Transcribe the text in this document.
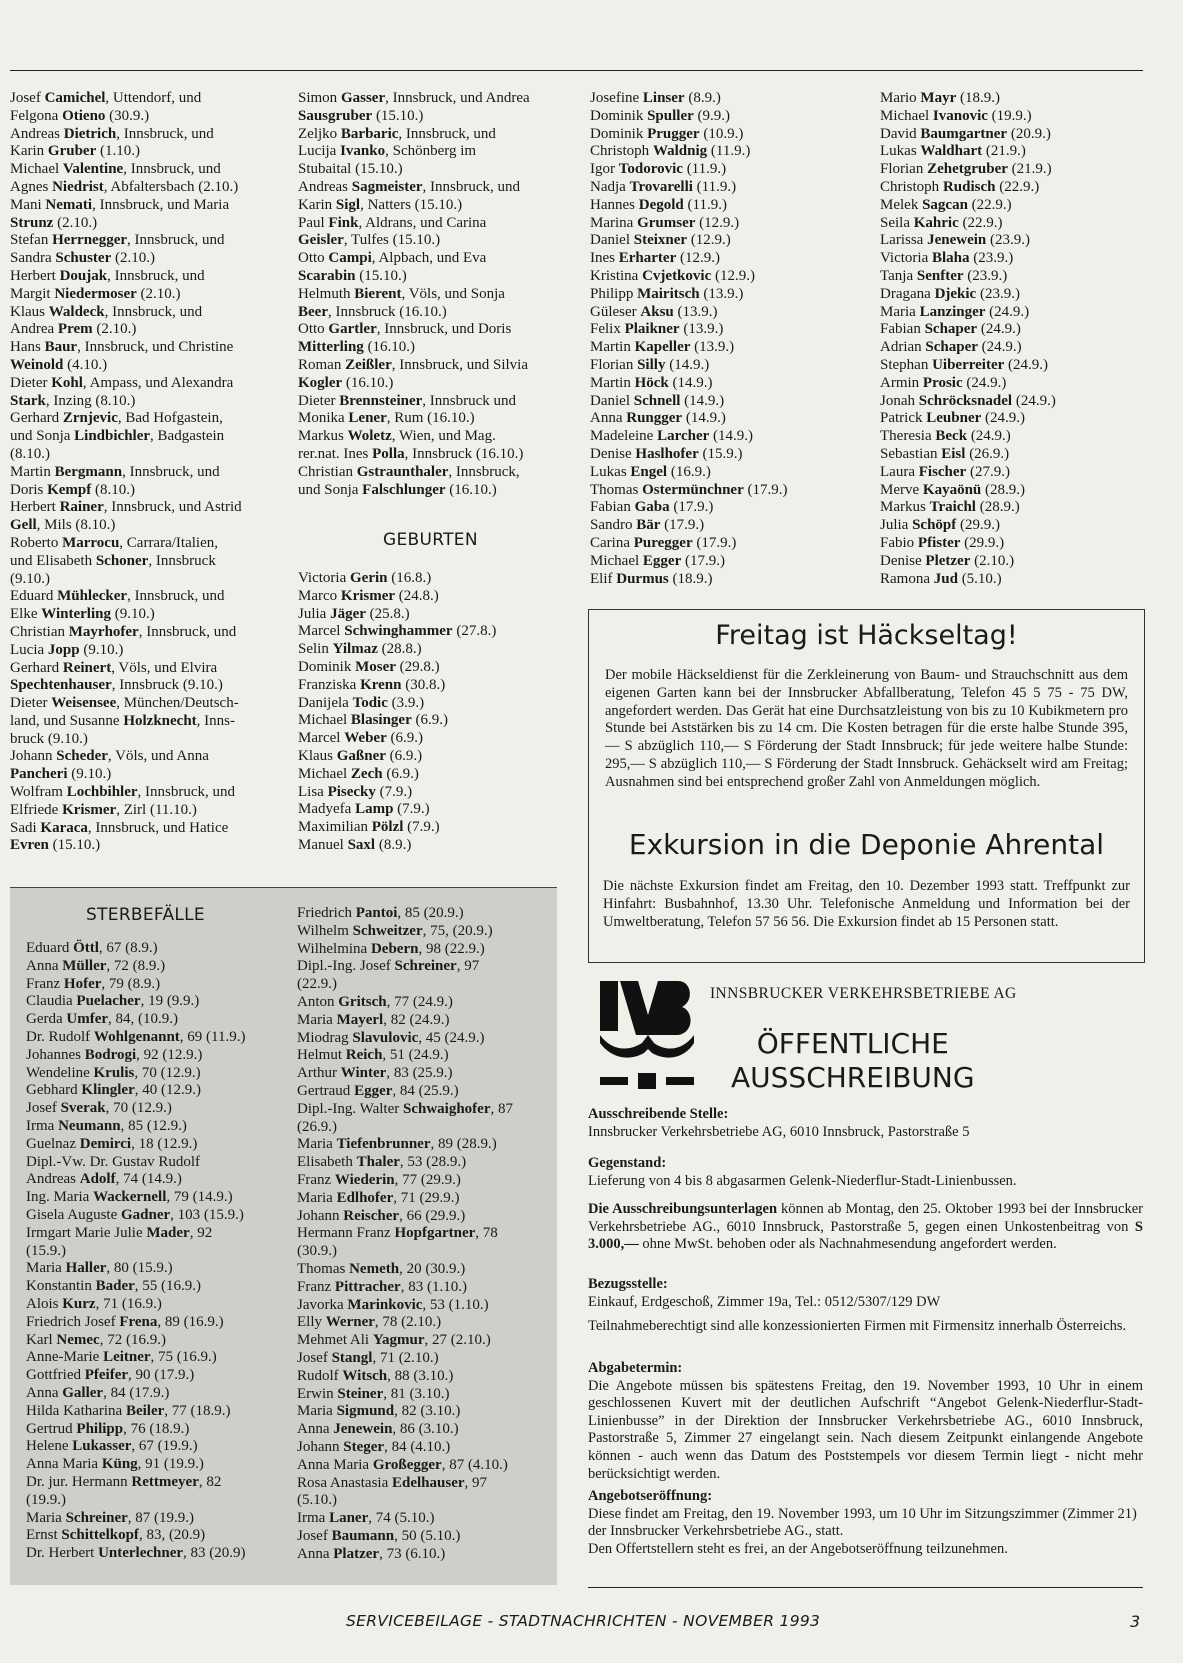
Josef Camichel, Uttendorf, und
Felgona Otieno (30.9.)
Andreas Dietrich, Innsbruck, und
Karin Gruber (1.10.)
Michael Valentine, Innsbruck, und
Agnes Niedrist, Abfaltersbach (2.10.)
Mani Nemati, Innsbruck, und Maria
Strunz (2.10.)
Stefan Herrnegger, Innsbruck, und
Sandra Schuster (2.10.)
Herbert Doujak, Innsbruck, und
Margit Niedermoser (2.10.)
Klaus Waldeck, Innsbruck, und
Andrea Prem (2.10.)
Hans Baur, Innsbruck, und Christine
Weinold (4.10.)
Dieter Kohl, Ampass, und Alexandra
Stark, Inzing (8.10.)
Gerhard Zrnjevic, Bad Hofgastein,
und Sonja Lindbichler, Badgastein
(8.10.)
Martin Bergmann, Innsbruck, und
Doris Kempf (8.10.)
Herbert Rainer, Innsbruck, und Astrid
Gell, Mils (8.10.)
Roberto Marrocu, Carrara/Italien,
und Elisabeth Schoner, Innsbruck
(9.10.)
Eduard Mühlecker, Innsbruck, und
Elke Winterling (9.10.)
Christian Mayrhofer, Innsbruck, und
Lucia Jopp (9.10.)
Gerhard Reinert, Völs, und Elvira
Spechtenhauser, Innsbruck (9.10.)
Dieter Weisensee, München/Deutsch-
land, und Susanne Holzknecht, Inns-
bruck (9.10.)
Johann Scheder, Völs, und Anna
Pancheri (9.10.)
Wolfram Lochbihler, Innsbruck, und
Elfriede Krismer, Zirl (11.10.)
Sadi Karaca, Innsbruck, und Hatice
Evren (15.10.)
Simon Gasser, Innsbruck, und Andrea
Sausgruber (15.10.)
Zeljko Barbaric, Innsbruck, und
Lucija Ivanko, Schönberg im
Stubaital (15.10.)
Andreas Sagmeister, Innsbruck, und
Karin Sigl, Natters (15.10.)
Paul Fink, Aldrans, und Carina
Geisler, Tulfes (15.10.)
Otto Campi, Alpbach, und Eva
Scarabin (15.10.)
Helmuth Bierent, Völs, und Sonja
Beer, Innsbruck (16.10.)
Otto Gartler, Innsbruck, und Doris
Mitterling (16.10.)
Roman Zeißler, Innsbruck, und Silvia
Kogler (16.10.)
Dieter Brennsteiner, Innsbruck und
Monika Lener, Rum (16.10.)
Markus Woletz, Wien, und Mag.
rer.nat. Ines Polla, Innsbruck (16.10.)
Christian Gstraunthaler, Innsbruck,
und Sonja Falschlunger (16.10.)
GEBURTEN
Victoria Gerin (16.8.)
Marco Krismer (24.8.)
Julia Jäger (25.8.)
Marcel Schwinghammer (27.8.)
Selin Yilmaz (28.8.)
Dominik Moser (29.8.)
Franziska Krenn (30.8.)
Danijela Todic (3.9.)
Michael Blasinger (6.9.)
Marcel Weber (6.9.)
Klaus Gaßner (6.9.)
Michael Zech (6.9.)
Lisa Pisecky (7.9.)
Madyefa Lamp (7.9.)
Maximilian Pölzl (7.9.)
Manuel Saxl (8.9.)
Josefine Linser (8.9.)
Dominik Spuller (9.9.)
Dominik Prugger (10.9.)
Christoph Waldnig (11.9.)
Igor Todorovic (11.9.)
Nadja Trovarelli (11.9.)
Hannes Degold (11.9.)
Marina Grumser (12.9.)
Daniel Steixner (12.9.)
Ines Erharter (12.9.)
Kristina Cvjetkovic (12.9.)
Philipp Mairitsch (13.9.)
Güleser Aksu (13.9.)
Felix Plaikner (13.9.)
Martin Kapeller (13.9.)
Florian Silly (14.9.)
Martin Höck (14.9.)
Daniel Schnell (14.9.)
Anna Rungger (14.9.)
Madeleine Larcher (14.9.)
Denise Haslhofer (15.9.)
Lukas Engel (16.9.)
Thomas Ostermünchner (17.9.)
Fabian Gaba (17.9.)
Sandro Bär (17.9.)
Carina Puregger (17.9.)
Michael Egger (17.9.)
Elif Durmus (18.9.)
Mario Mayr (18.9.)
Michael Ivanovic (19.9.)
David Baumgartner (20.9.)
Lukas Waldhart (21.9.)
Florian Zehetgruber (21.9.)
Christoph Rudisch (22.9.)
Melek Sagcan (22.9.)
Seila Kahric (22.9.)
Larissa Jenewein (23.9.)
Victoria Blaha (23.9.)
Tanja Senfter (23.9.)
Dragana Djekic (23.9.)
Maria Lanzinger (24.9.)
Fabian Schaper (24.9.)
Adrian Schaper (24.9.)
Stephan Uiberreiter (24.9.)
Armin Prosic (24.9.)
Jonah Schröcksnadel (24.9.)
Patrick Leubner (24.9.)
Theresia Beck (24.9.)
Sebastian Eisl (26.9.)
Laura Fischer (27.9.)
Merve Kayaönü (28.9.)
Markus Traichl (28.9.)
Julia Schöpf (29.9.)
Fabio Pfister (29.9.)
Denise Pletzer (2.10.)
Ramona Jud (5.10.)
STERBEFÄLLE
Eduard Öttl, 67 (8.9.)
Anna Müller, 72 (8.9.)
Franz Hofer, 79 (8.9.)
Claudia Puelacher, 19 (9.9.)
Gerda Umfer, 84, (10.9.)
Dr. Rudolf Wohlgenannt, 69 (11.9.)
Johannes Bodrogi, 92 (12.9.)
Wendeline Krulis, 70 (12.9.)
Gebhard Klingler, 40 (12.9.)
Josef Sverak, 70 (12.9.)
Irma Neumann, 85 (12.9.)
Guelnaz Demirci, 18 (12.9.)
Dipl.-Vw. Dr. Gustav Rudolf
Andreas Adolf, 74 (14.9.)
Ing. Maria Wackernell, 79 (14.9.)
Gisela Auguste Gadner, 103 (15.9.)
Irmgart Marie Julie Mader, 92
(15.9.)
Maria Haller, 80 (15.9.)
Konstantin Bader, 55 (16.9.)
Alois Kurz, 71 (16.9.)
Friedrich Josef Frena, 89 (16.9.)
Karl Nemec, 72 (16.9.)
Anne-Marie Leitner, 75 (16.9.)
Gottfried Pfeifer, 90 (17.9.)
Anna Galler, 84 (17.9.)
Hilda Katharina Beiler, 77 (18.9.)
Gertrud Philipp, 76 (18.9.)
Helene Lukasser, 67 (19.9.)
Anna Maria Küng, 91 (19.9.)
Dr. jur. Hermann Rettmeyer, 82
(19.9.)
Maria Schreiner, 87 (19.9.)
Ernst Schittelkopf, 83, (20.9)
Dr. Herbert Unterlechner, 83 (20.9)
Friedrich Pantoi, 85 (20.9.)
Wilhelm Schweitzer, 75, (20.9.)
Wilhelmina Debern, 98 (22.9.)
Dipl.-Ing. Josef Schreiner, 97
(22.9.)
Anton Gritsch, 77 (24.9.)
Maria Mayerl, 82 (24.9.)
Miodrag Slavulovic, 45 (24.9.)
Helmut Reich, 51 (24.9.)
Arthur Winter, 83 (25.9.)
Gertraud Egger, 84 (25.9.)
Dipl.-Ing. Walter Schwaighofer, 87
(26.9.)
Maria Tiefenbrunner, 89 (28.9.)
Elisabeth Thaler, 53 (28.9.)
Franz Wiederin, 77 (29.9.)
Maria Edlhofer, 71 (29.9.)
Johann Reischer, 66 (29.9.)
Hermann Franz Hopfgartner, 78
(30.9.)
Thomas Nemeth, 20 (30.9.)
Franz Pittracher, 83 (1.10.)
Javorka Marinkovic, 53 (1.10.)
Elly Werner, 78 (2.10.)
Mehmet Ali Yagmur, 27 (2.10.)
Josef Stangl, 71 (2.10.)
Rudolf Witsch, 88 (3.10.)
Erwin Steiner, 81 (3.10.)
Maria Sigmund, 82 (3.10.)
Anna Jenewein, 86 (3.10.)
Johann Steger, 84 (4.10.)
Anna Maria Großegger, 87 (4.10.)
Rosa Anastasia Edelhauser, 97
(5.10.)
Irma Laner, 74 (5.10.)
Josef Baumann, 50 (5.10.)
Anna Platzer, 73 (6.10.)
Freitag ist Häckseltag!
Der mobile Häckseldienst für die Zerkleinerung von Baum- und Strauchschnitt aus dem eigenen Garten kann bei der Innsbrucker Abfallberatung, Telefon 45 5 75 - 75 DW, angefordert werden. Das Gerät hat eine Durchsatzleistung von bis zu 10 Kubikmetern pro Stunde bei Aststärken bis zu 14 cm. Die Kosten betragen für die erste halbe Stunde 395,— S abzüglich 110,— S Förderung der Stadt Innsbruck; für jede weitere halbe Stunde: 295,— S abzüglich 110,— S Förderung der Stadt Innsbruck. Gehäckselt wird am Freitag; Ausnahmen sind bei entsprechend großer Zahl von Anmeldungen möglich.
Exkursion in die Deponie Ahrental
Die nächste Exkursion findet am Freitag, den 10. Dezember 1993 statt. Treffpunkt zur Hinfahrt: Busbahnhof, 13.30 Uhr. Telefonische Anmeldung und Information bei der Umweltberatung, Telefon 57 56 56. Die Exkursion findet ab 15 Personen statt.
INNSBRUCKER VERKEHRSBETRIEBE AG
ÖFFENTLICHE
AUSSCHREIBUNG
Ausschreibende Stelle:
Innsbrucker Verkehrsbetriebe AG, 6010 Innsbruck, Pastorstraße 5
Gegenstand:
Lieferung von 4 bis 8 abgasarmen Gelenk-Niederflur-Stadt-Linienbussen.
Die Ausschreibungsunterlagen können ab Montag, den 25. Oktober 1993 bei der Innsbrucker Verkehrsbetriebe AG., 6010 Innsbruck, Pastorstraße 5, gegen einen Unkostenbeitrag von S 3.000,— ohne MwSt. behoben oder als Nachnahmesendung angefordert werden.
Bezugsstelle:
Einkauf, Erdgeschoß, Zimmer 19a, Tel.: 0512/5307/129 DW
Teilnahmeberechtigt sind alle konzessionierten Firmen mit Firmensitz innerhalb Österreichs.
Abgabetermin:
Die Angebote müssen bis spätestens Freitag, den 19. November 1993, 10 Uhr in einem geschlossenen Kuvert mit der deutlichen Aufschrift “Angebot Gelenk-Niederflur-Stadt-Linienbusse” in der Direktion der Innsbrucker Verkehrsbetriebe AG., 6010 Innsbruck, Pastorstraße 5, Zimmer 27 eingelangt sein. Nach diesem Zeitpunkt einlangende Angebote können - auch wenn das Datum des Poststempels vor diesem Termin liegt - nicht mehr berücksichtigt werden.
Angebotseröffnung:
Diese findet am Freitag, den 19. November 1993, um 10 Uhr im Sitzungszimmer (Zimmer 21) der Innsbrucker Verkehrsbetriebe AG., statt.
Den Offertstellern steht es frei, an der Angebotseröffnung teilzunehmen.
SERVICEBEILAGE - STADTNACHRICHTEN - NOVEMBER 1993	3
